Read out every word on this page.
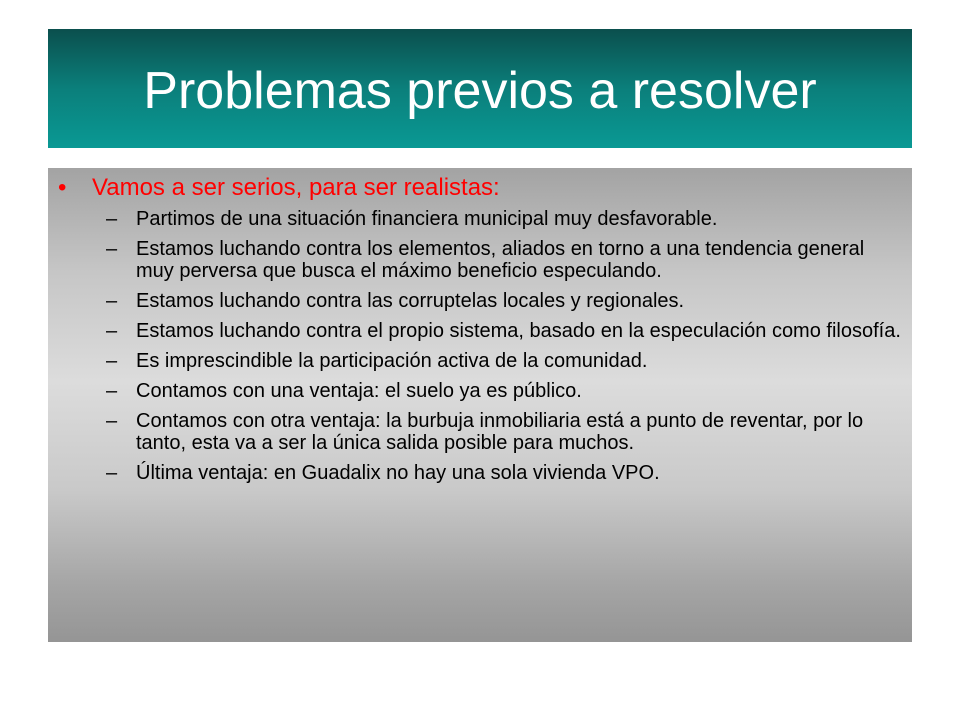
Problemas previos a resolver
• Vamos a ser serios, para ser realistas:
– Partimos de una situación financiera municipal muy desfavorable.
– Estamos luchando contra los elementos, aliados en torno a una tendencia general muy perversa que busca el máximo beneficio especulando.
– Estamos luchando contra las corruptelas locales y regionales.
– Estamos luchando contra el propio sistema, basado en la especulación como filosofía.
– Es imprescindible la participación activa de la comunidad.
– Contamos con una ventaja: el suelo ya es público.
– Contamos con otra ventaja: la burbuja inmobiliaria está a punto de reventar, por lo tanto, esta va a ser la única salida posible para muchos.
– Última ventaja: en Guadalix no hay una sola vivienda VPO.
